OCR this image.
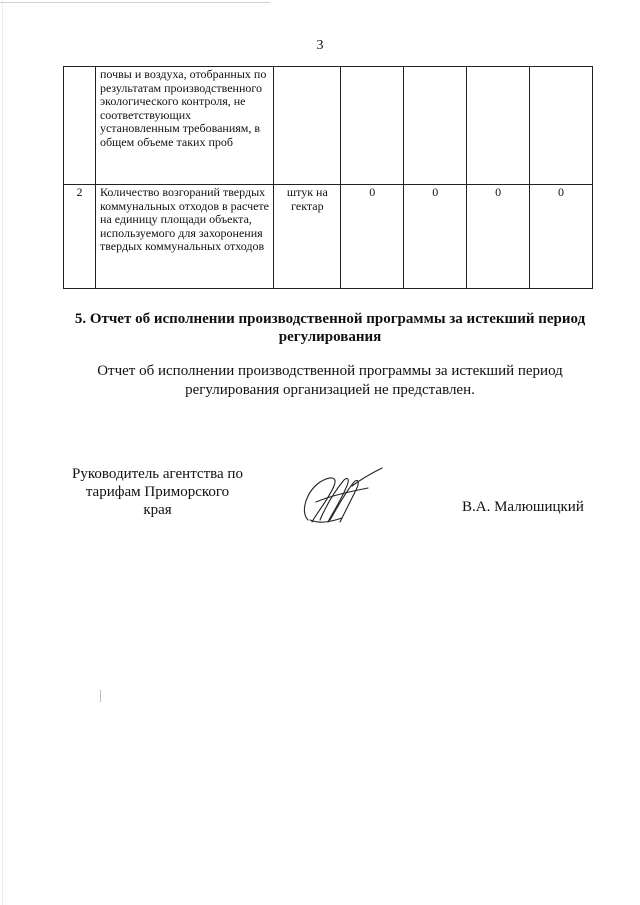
3
	почвы и воздуха, отобранных по результатам производственного экологического контроля, не соответствующих установленным требованиям, в общем объеме таких проб					
2	Количество возгораний твердых коммунальных отходов в расчете на единицу площади объекта, используемого для захоронения твердых коммунальных отходов	штук на гектар	0	0	0	0
5. Отчет об исполнении производственной программы за истекший период регулирования
Отчет об исполнении производственной программы за истекший период регулирования организацией не представлен.
Руководитель агентства по тарифам Приморского края	В.А. Малюшицкий
